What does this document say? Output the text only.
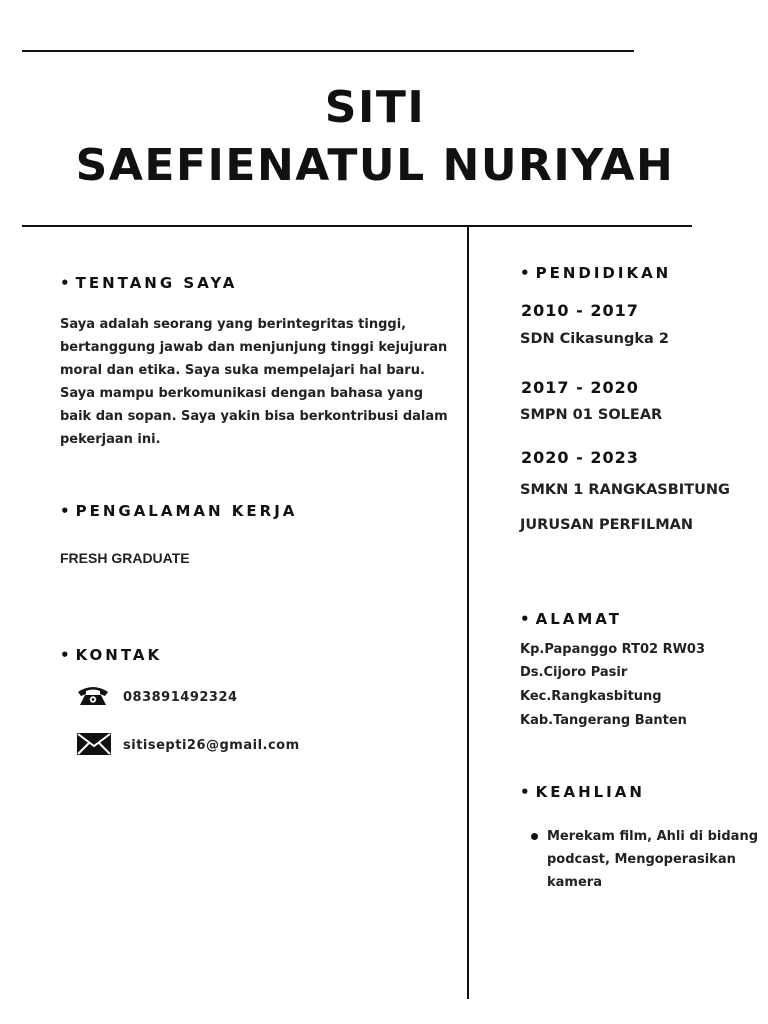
SITI
SAEFIENATUL NURIYAH
• TENTANG SAYA
Saya adalah seorang yang berintegritas tinggi, bertanggung jawab dan menjunjung tinggi kejujuran moral dan etika. Saya suka mempelajari hal baru. Saya mampu berkomunikasi dengan bahasa yang baik dan sopan. Saya yakin bisa berkontribusi dalam pekerjaan ini.
• PENGALAMAN KERJA
FRESH GRADUATE
• KONTAK
083891492324
sitisepti26@gmail.com
• PENDIDIKAN
2010 - 2017
SDN Cikasungka 2
2017 - 2020
SMPN 01 SOLEAR
2020 - 2023
SMKN 1 RANGKASBITUNG
JURUSAN PERFILMAN
• ALAMAT
Kp.Papanggo RT02 RW03
Ds.Cijoro Pasir
Kec.Rangkasbitung
Kab.Tangerang Banten
• KEAHLIAN
Merekam film, Ahli di bidang podcast, Mengoperasikan kamera
